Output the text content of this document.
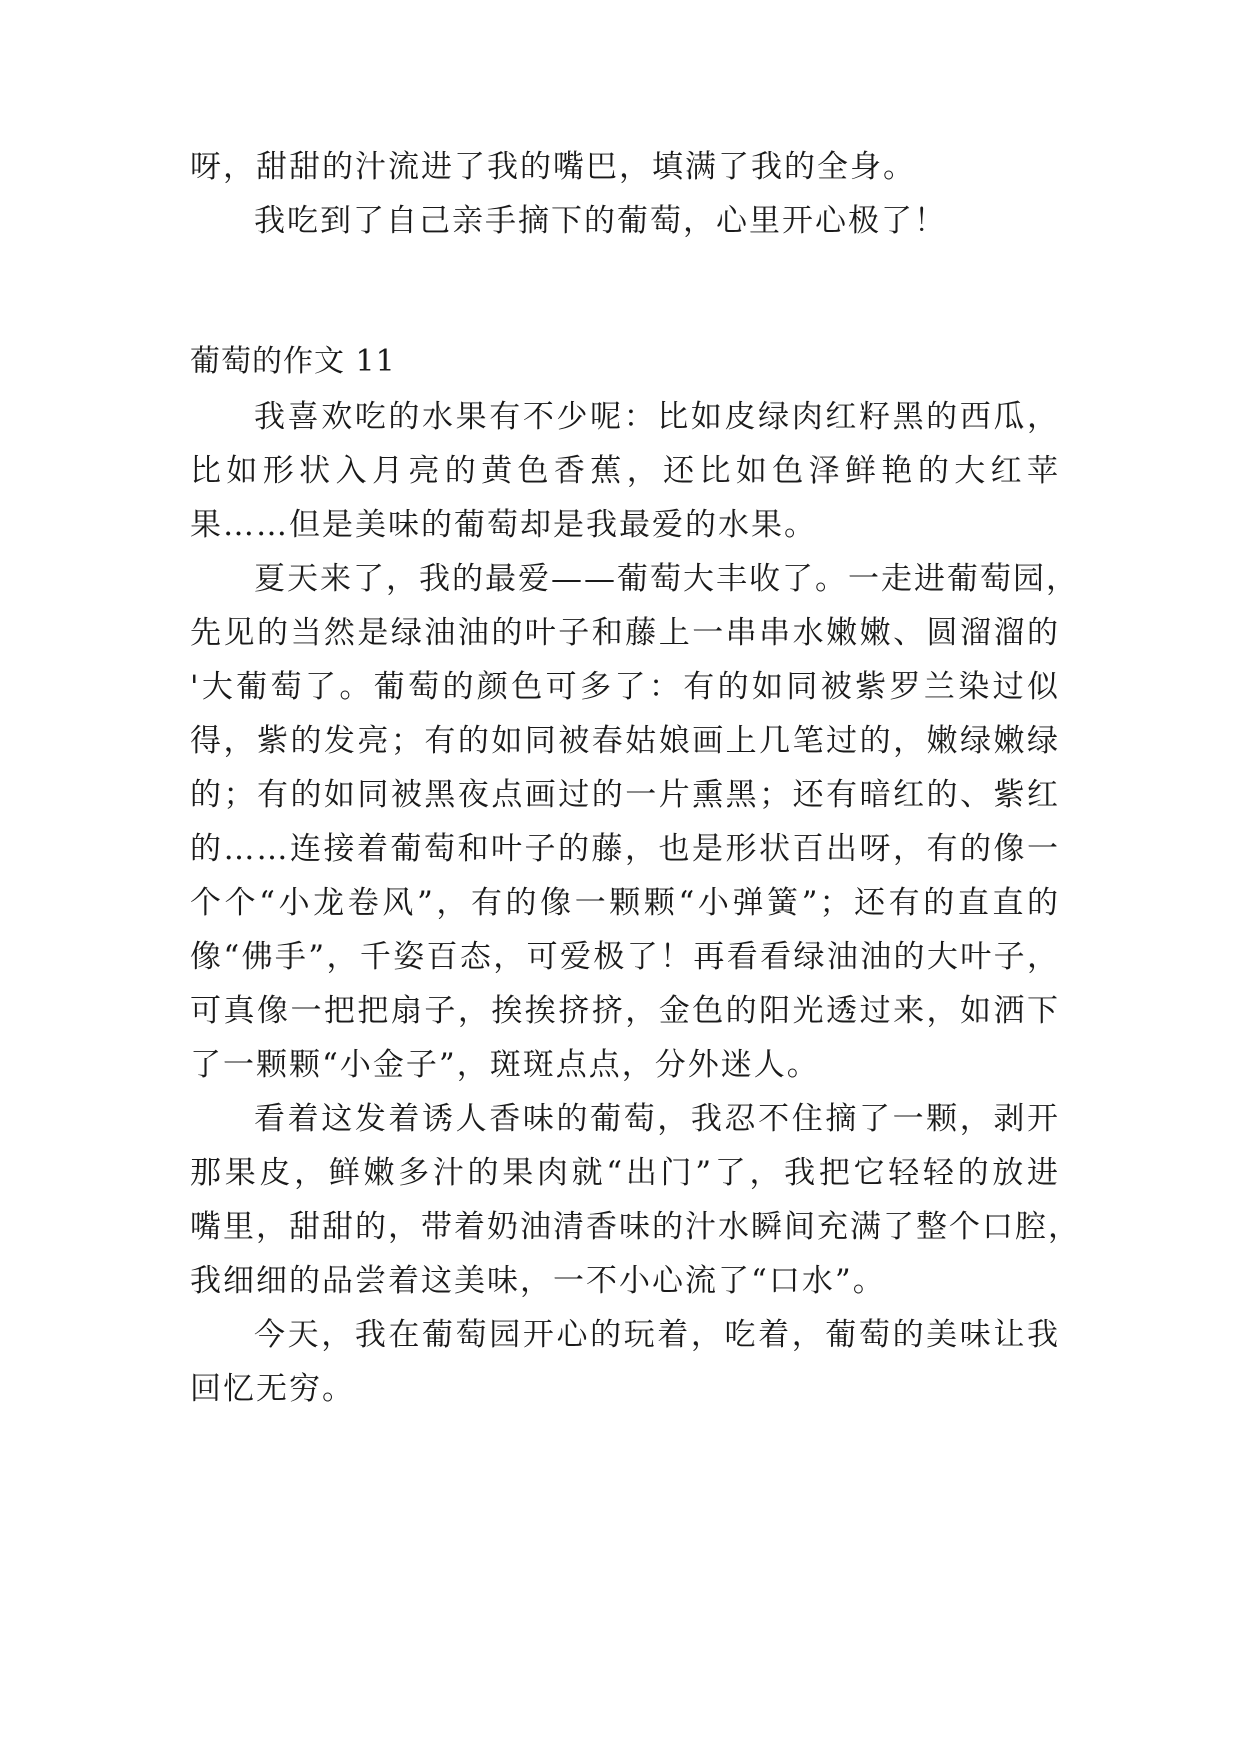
呀，甜甜的汁流进了我的嘴巴，填满了我的全身。
我吃到了自己亲手摘下的葡萄，心里开心极了！
葡萄的作文 11
我喜欢吃的水果有不少呢：比如皮绿肉红籽黑的西瓜，
比如形状入月亮的黄色香蕉，还比如色泽鲜艳的大红苹
果……但是美味的葡萄却是我最爱的水果。
夏天来了，我的最爱——葡萄大丰收了。一走进葡萄园，
先见的当然是绿油油的叶子和藤上一串串水嫩嫩、圆溜溜的
'大葡萄了。葡萄的颜色可多了：有的如同被紫罗兰染过似
得，紫的发亮；有的如同被春姑娘画上几笔过的，嫩绿嫩绿
的；有的如同被黑夜点画过的一片熏黑；还有暗红的、紫红
的……连接着葡萄和叶子的藤，也是形状百出呀，有的像一
个个“小龙卷风”，有的像一颗颗“小弹簧”；还有的直直的
像“佛手”，千姿百态，可爱极了！再看看绿油油的大叶子，
可真像一把把扇子，挨挨挤挤，金色的阳光透过来，如洒下
了一颗颗“小金子”，斑斑点点，分外迷人。
看着这发着诱人香味的葡萄，我忍不住摘了一颗，剥开
那果皮，鲜嫩多汁的果肉就“出门”了，我把它轻轻的放进
嘴里，甜甜的，带着奶油清香味的汁水瞬间充满了整个口腔，
我细细的品尝着这美味，一不小心流了“口水”。
今天，我在葡萄园开心的玩着，吃着，葡萄的美味让我
回忆无穷。
